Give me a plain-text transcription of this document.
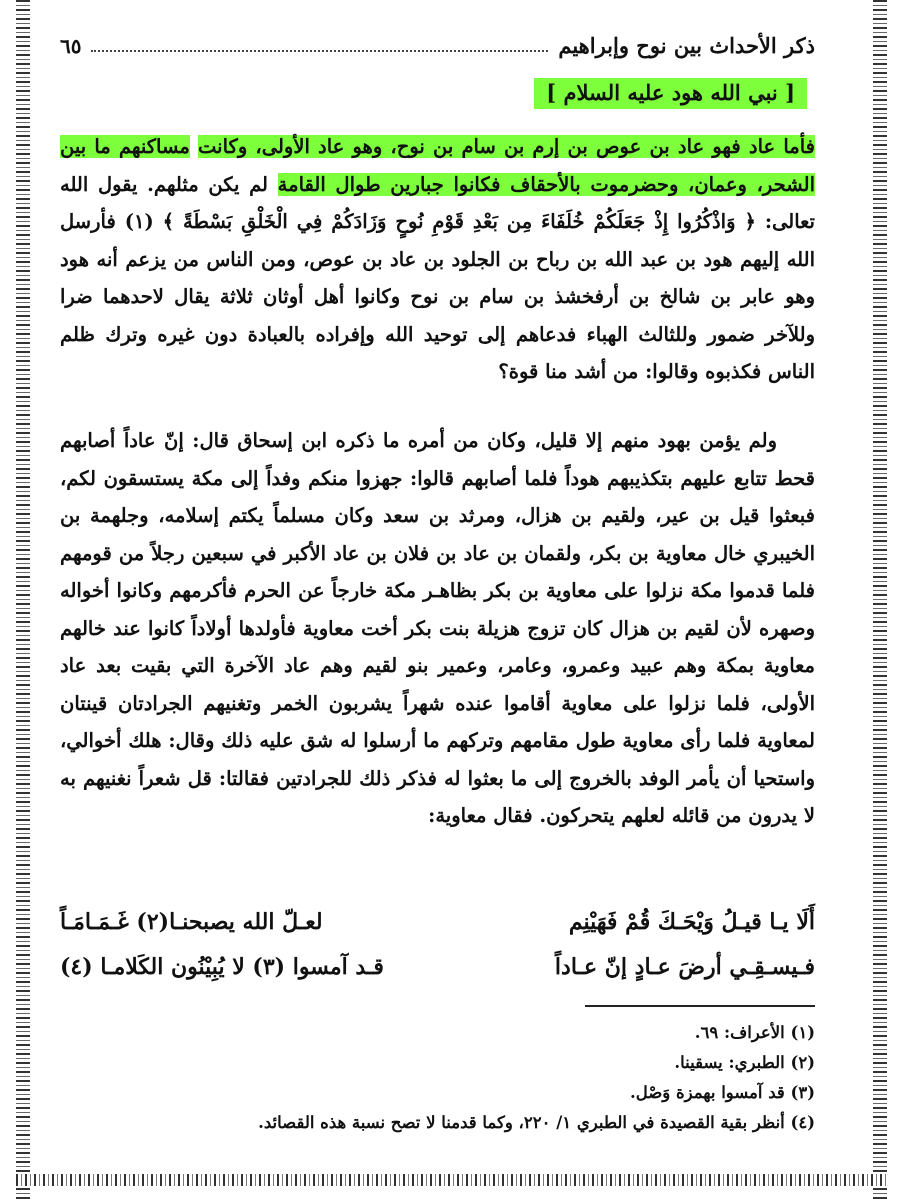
ذكر الأحداث بين نوح وإبراهيم
٦٥
[ نبي الله هود عليه السلام ]
فأما عاد فهو عاد بن عوص بن إرم بن سام بن نوح، وهو عاد الأولى، وكانت مساكنهم ما بين الشحر، وعمان، وحضرموت بالأحقاف فكانوا جبارين طوال القامة لم يكن مثلهم. يقول الله تعالى: ﴿ وَاذْكُرُوا إِذْ جَعَلَكُمْ خُلَفَاءَ مِن بَعْدِ قَوْمِ نُوحٍ وَزَادَكُمْ فِي الْخَلْقِ بَسْطَةً ﴾ (١) فأرسل الله إليهم هود بن عبد الله بن رباح بن الجلود بن عاد بن عوص، ومن الناس من يزعم أنه هود وهو عابر بن شالخ بن أرفخشذ بن سام بن نوح وكانوا أهل أوثان ثلاثة يقال لاحدهما ضرا وللآخر ضمور وللثالث الهباء فدعاهم إلى توحيد الله وإفراده بالعبادة دون غيره وترك ظلم الناس فكذبوه وقالوا: من أشد منا قوة؟
ولم يؤمن بهود منهم إلا قليل، وكان من أمره ما ذكره ابن إسحاق قال: إنّ عاداً أصابهم قحط تتابع عليهم بتكذيبهم هوداً فلما أصابهم قالوا: جهزوا منكم وفداً إلى مكة يستسقون لكم، فبعثوا قيل بن عير، ولقيم بن هزال، ومرثد بن سعد وكان مسلماً يكتم إسلامه، وجلهمة بن الخيبري خال معاوية بن بكر، ولقمان بن عاد بن فلان بن عاد الأكبر في سبعين رجلاً من قومهم فلما قدموا مكة نزلوا على معاوية بن بكر بظاهـر مكة خارجاً عن الحرم فأكرمهم وكانوا أخواله وصهره لأن لقيم بن هزال كان تزوج هزيلة بنت بكر أخت معاوية فأولدها أولاداً كانوا عند خالهم معاوية بمكة وهم عبيد وعمرو، وعامر، وعمير بنو لقيم وهم عاد الآخرة التي بقيت بعد عاد الأولى، فلما نزلوا على معاوية أقاموا عنده شهراً يشربون الخمر وتغنيهم الجرادتان قينتان لمعاوية فلما رأى معاوية طول مقامهم وتركهم ما أرسلوا له شق عليه ذلك وقال: هلك أخوالي، واستحيا أن يأمر الوفد بالخروج إلى ما بعثوا له فذكر ذلك للجرادتين فقالتا: قل شعراً نغنيهم به لا يدرون من قائله لعلهم يتحركون. فقال معاوية:
أَلَا يـا قيـلُ وَيْحَـكَ قُمْ فَهَيْنِم
لعـلّ الله يصبحنـا(٢) غَـمَـامَـاً
فـيسـقِـي أرضَ عـادٍ إنّ عـاداً
قـد آمسوا (٣) لا يُبِيْنُون الكَلامـا (٤)
(١) الأعراف: ٦٩.
(٢) الطبري: يسقينا.
(٣) قد آمسوا بهمزة وَصْل.
(٤) أنظر بقية القصيدة في الطبري ١/ ٢٢٠، وكما قدمنا لا تصح نسبة هذه القصائد.
